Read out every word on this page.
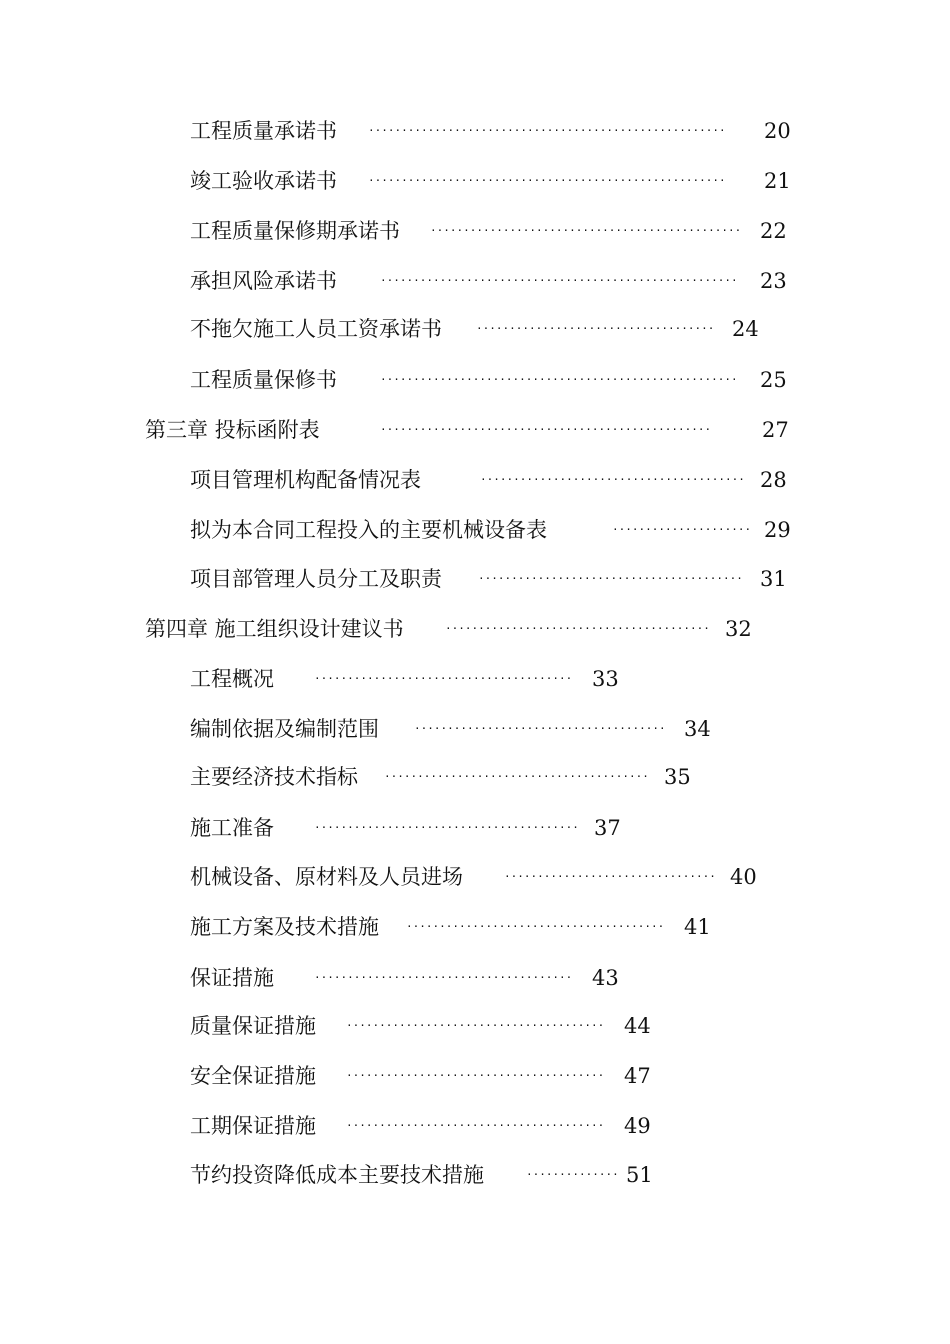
工程质量承诺书	······················································ 20
竣工验收承诺书	······················································ 21
工程质量保修期承诺书	··············································· 22
承担风险承诺书	······················································ 23
不拖欠施工人员工资承诺书	···································· 24
工程质量保修书	······················································ 25
第三章 投标函附表	·················································· 27
项目管理机构配备情况表	········································ 28
拟为本合同工程投入的主要机械设备表	····················· 29
项目部管理人员分工及职责	········································ 31
第四章 施工组织设计建议书	········································ 32
工程概况	······································· 33
编制依据及编制范围	······································ 34
主要经济技术指标 ········································ 35
施工准备	········································ 37
机械设备、原材料及人员进场	································ 40
施工方案及技术措施 ······································· 41
保证措施	······································· 43
质量保证措施	······································· 44
安全保证措施	······································· 47
工期保证措施	······································· 49
节约投资降低成本主要技术措施	·············· 51
